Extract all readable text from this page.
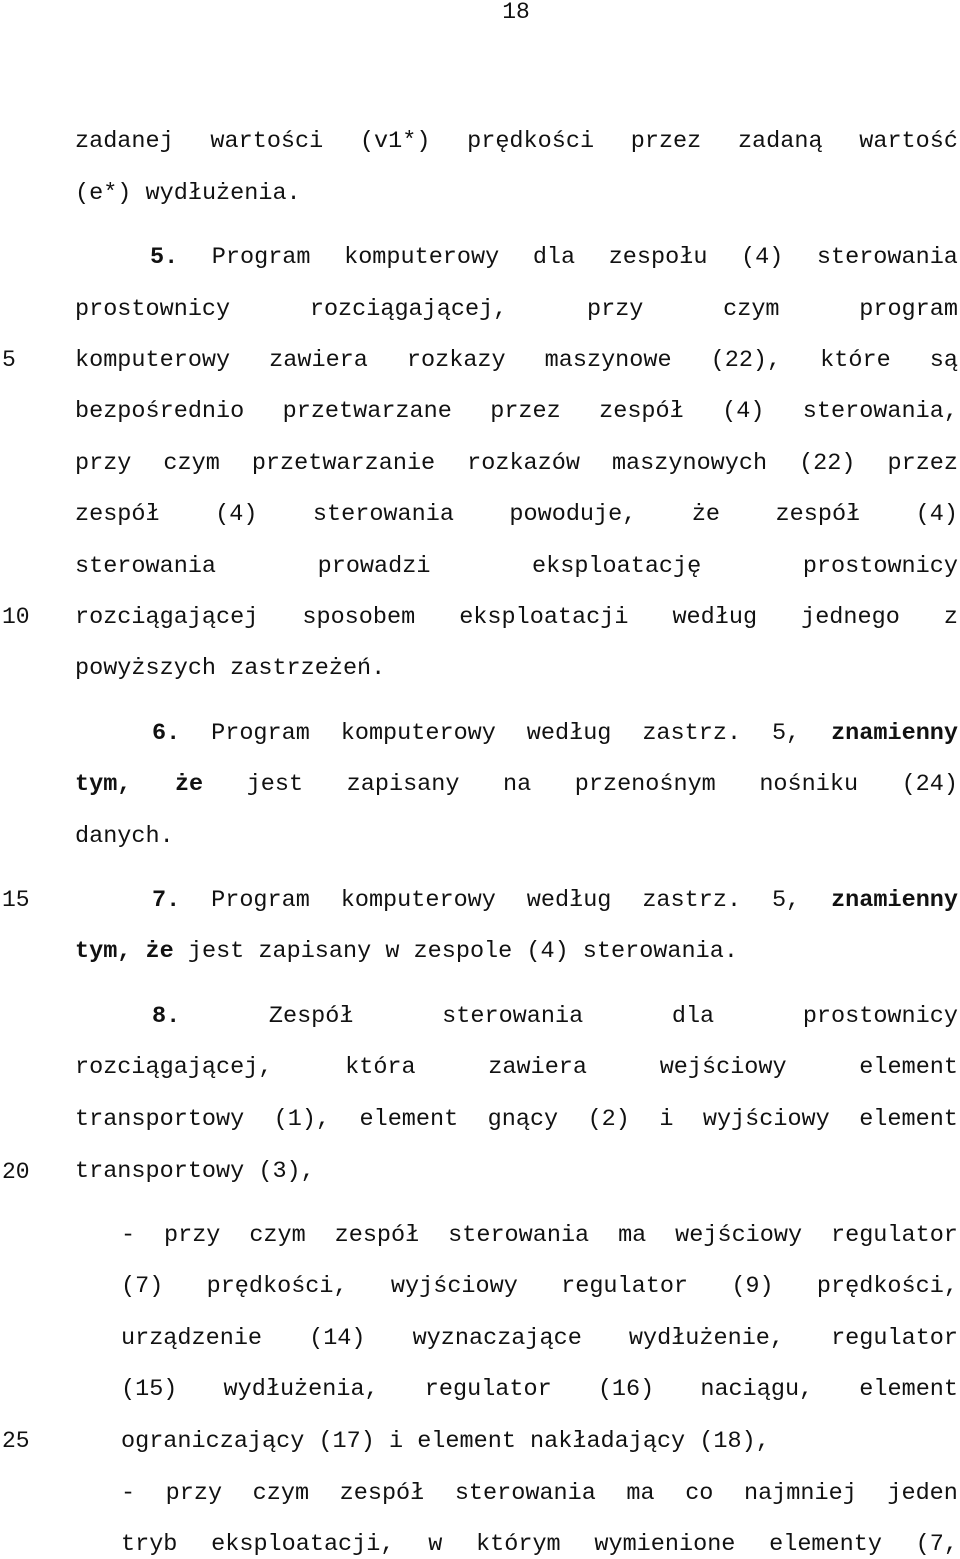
18
5
10
15
20
25
zadanej wartości (v1*) prędkości przez zadaną wartość
(e*) wydłużenia.
5. Program komputerowy dla zespołu (4) sterowania
prostownicy	rozciągającej,	przy	czym	program
komputerowy zawiera rozkazy maszynowe (22), które są
bezpośrednio przetwarzane przez zespół (4) sterowania,
przy czym przetwarzanie rozkazów maszynowych (22) przez
zespół (4) sterowania powoduje, że zespół (4)
sterowania	prowadzi	eksploatację	prostownicy
rozciągającej sposobem eksploatacji według jednego z
powyższych zastrzeżeń.
6. Program komputerowy według zastrz. 5, znamienny
tym, że jest zapisany na przenośnym nośniku (24)
danych.
7. Program komputerowy według zastrz. 5, znamienny
tym, że jest zapisany w zespole (4) sterowania.
8.	Zespół	sterowania	dla	prostownicy
rozciągającej,	która	zawiera	wejściowy	element
transportowy (1), element gnący (2) i wyjściowy element
transportowy (3),
- przy czym zespół sterowania ma wejściowy regulator
(7) prędkości, wyjściowy regulator (9) prędkości,
urządzenie (14) wyznaczające wydłużenie, regulator
(15) wydłużenia, regulator (16) naciągu, element
ograniczający (17) i element nakładający (18),
- przy czym zespół sterowania ma co najmniej jeden
tryb eksploatacji, w którym wymienione elementy (7,
